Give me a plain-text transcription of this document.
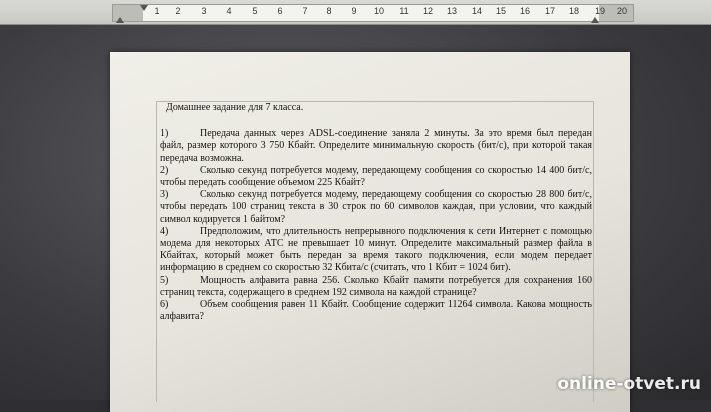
1 2 3 4 5 6 7 8 9 10 11 12 13 14 15 16 17 18 19 20
Домашнее задание для 7 класса.
1)	Передача данных через ADSL-соединение заняла 2 минуты. За это время был передан файл, размер которого 3 750 Кбайт. Определите минимальную скорость (бит/с), при которой такая передача возможна.
2)	Сколько секунд потребуется модему, передающему сообщения со скоростью 14 400 бит/с, чтобы передать сообщение объемом 225 Кбайт?
3)	Сколько секунд потребуется модему, передающему сообщения со скоростью 28 800 бит/с, чтобы передать 100 страниц текста в 30 строк по 60 символов каждая, при условии, что каждый символ кодируется 1 байтом?
4)	Предположим, что длительность непрерывного подключения к сети Интернет с помощью модема для некоторых АТС не превышает 10 минут. Определите максимальный размер файла в Кбайтах, который может быть передан за время такого подключения, если модем передает информацию в среднем со скоростью 32 Кбита/с (считать, что 1 Кбит = 1024 бит).
5)	Мощность алфавита равна 256. Сколько Кбайт памяти потребуется для сохранения 160 страниц текста, содержащего в среднем 192 символа на каждой странице?
6)	Объем сообщения равен 11 Кбайт. Сообщение содержит 11264 символа. Какова мощность алфавита?
online-otvet.ru
